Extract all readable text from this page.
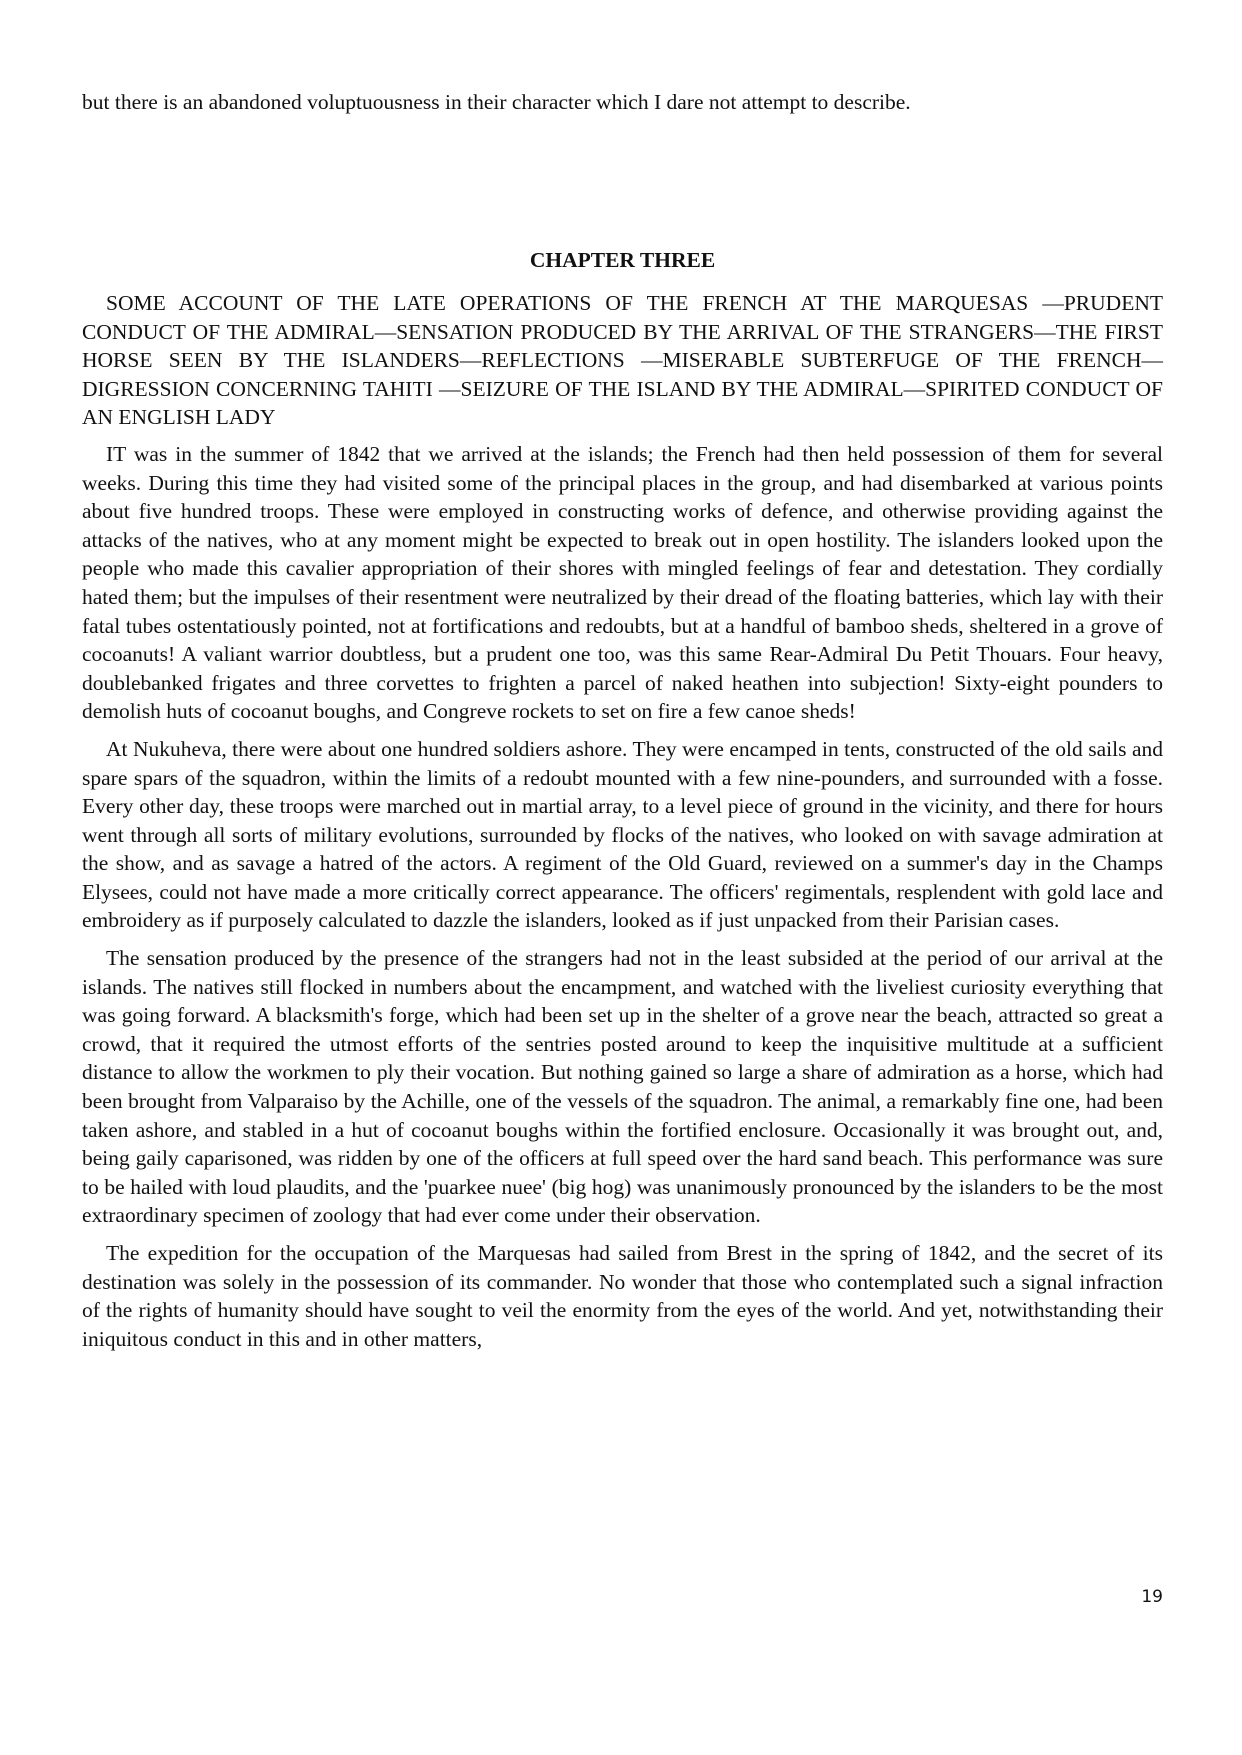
but there is an abandoned voluptuousness in their character which I dare not attempt to describe.

CHAPTER THREE

SOME ACCOUNT OF THE LATE OPERATIONS OF THE FRENCH AT THE MARQUESAS —PRUDENT CONDUCT OF THE ADMIRAL—SENSATION PRODUCED BY THE ARRIVAL OF THE STRANGERS—THE FIRST HORSE SEEN BY THE ISLANDERS—REFLECTIONS —MISERABLE SUBTERFUGE OF THE FRENCH—DIGRESSION CONCERNING TAHITI —SEIZURE OF THE ISLAND BY THE ADMIRAL—SPIRITED CONDUCT OF AN ENGLISH LADY

IT was in the summer of 1842 that we arrived at the islands; the French had then held possession of them for several weeks. During this time they had visited some of the principal places in the group, and had disembarked at various points about five hundred troops. These were employed in constructing works of defence, and otherwise providing against the attacks of the natives, who at any moment might be expected to break out in open hostility. The islanders looked upon the people who made this cavalier appropriation of their shores with mingled feelings of fear and detestation. They cordially hated them; but the impulses of their resentment were neutralized by their dread of the floating batteries, which lay with their fatal tubes ostentatiously pointed, not at fortifications and redoubts, but at a handful of bamboo sheds, sheltered in a grove of cocoanuts! A valiant warrior doubtless, but a prudent one too, was this same Rear-Admiral Du Petit Thouars. Four heavy, doublebanked frigates and three corvettes to frighten a parcel of naked heathen into subjection! Sixty-eight pounders to demolish huts of cocoanut boughs, and Congreve rockets to set on fire a few canoe sheds!

At Nukuheva, there were about one hundred soldiers ashore. They were encamped in tents, constructed of the old sails and spare spars of the squadron, within the limits of a redoubt mounted with a few nine-pounders, and surrounded with a fosse. Every other day, these troops were marched out in martial array, to a level piece of ground in the vicinity, and there for hours went through all sorts of military evolutions, surrounded by flocks of the natives, who looked on with savage admiration at the show, and as savage a hatred of the actors. A regiment of the Old Guard, reviewed on a summer's day in the Champs Elysees, could not have made a more critically correct appearance. The officers' regimentals, resplendent with gold lace and embroidery as if purposely calculated to dazzle the islanders, looked as if just unpacked from their Parisian cases.

The sensation produced by the presence of the strangers had not in the least subsided at the period of our arrival at the islands. The natives still flocked in numbers about the encampment, and watched with the liveliest curiosity everything that was going forward. A blacksmith's forge, which had been set up in the shelter of a grove near the beach, attracted so great a crowd, that it required the utmost efforts of the sentries posted around to keep the inquisitive multitude at a sufficient distance to allow the workmen to ply their vocation. But nothing gained so large a share of admiration as a horse, which had been brought from Valparaiso by the Achille, one of the vessels of the squadron. The animal, a remarkably fine one, had been taken ashore, and stabled in a hut of cocoanut boughs within the fortified enclosure. Occasionally it was brought out, and, being gaily caparisoned, was ridden by one of the officers at full speed over the hard sand beach. This performance was sure to be hailed with loud plaudits, and the 'puarkee nuee' (big hog) was unanimously pronounced by the islanders to be the most extraordinary specimen of zoology that had ever come under their observation.

The expedition for the occupation of the Marquesas had sailed from Brest in the spring of 1842, and the secret of its destination was solely in the possession of its commander. No wonder that those who contemplated such a signal infraction of the rights of humanity should have sought to veil the enormity from the eyes of the world. And yet, notwithstanding their iniquitous conduct in this and in other matters,

19
